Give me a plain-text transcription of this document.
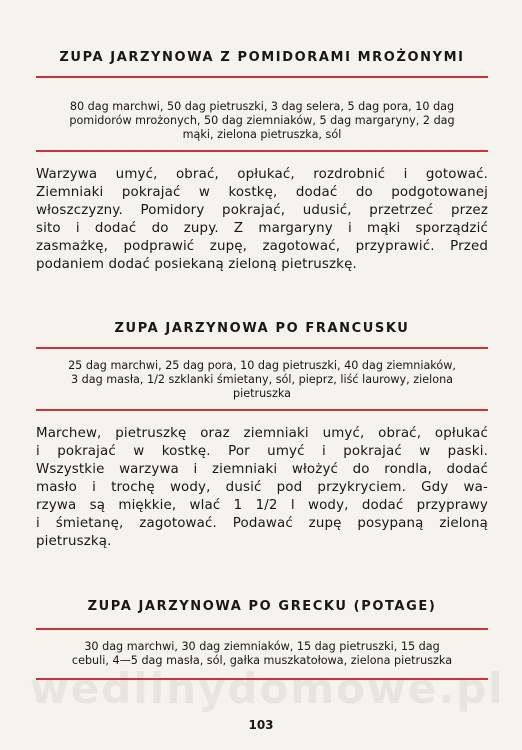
ZUPA JARZYNOWA Z POMIDORAMI MROŻONYMI
80 dag marchwi, 50 dag pietruszki, 3 dag selera, 5 dag pora, 10 dag
pomidorów mrożonych, 50 dag ziemniaków, 5 dag margaryny, 2 dag
mąki, zielona pietruszka, sól
Warzywa umyć, obrać, opłukać, rozdrobnić i gotować.
Ziemniaki pokrajać w kostkę, dodać do podgotowanej
włoszczyzny. Pomidory pokrajać, udusić, przetrzeć przez
sito i dodać do zupy. Z margaryny i mąki sporządzić
zasmażkę, podprawić zupę, zagotować, przyprawić. Przed
podaniem dodać posiekaną zieloną pietruszkę.
ZUPA JARZYNOWA PO FRANCUSKU
25 dag marchwi, 25 dag pora, 10 dag pietruszki, 40 dag ziemniaków,
3 dag masła, 1/2 szklanki śmietany, sól, pieprz, liść laurowy, zielona
pietruszka
Marchew, pietruszkę oraz ziemniaki umyć, obrać, opłukać
i pokrajać w kostkę. Por umyć i pokrajać w paski.
Wszystkie warzywa i ziemniaki włożyć do rondla, dodać
masło i trochę wody, dusić pod przykryciem. Gdy wa-
rzywa są miękkie, wlać 1 1/2 l wody, dodać przyprawy
i śmietanę, zagotować. Podawać zupę posypaną zieloną
pietruszką.
ZUPA JARZYNOWA PO GRECKU (POTAGE)
30 dag marchwi, 30 dag ziemniaków, 15 dag pietruszki, 15 dag
cebuli, 4—5 dag masła, sól, gałka muszkatołowa, zielona pietruszka
wedlinydomowe.pl
103
